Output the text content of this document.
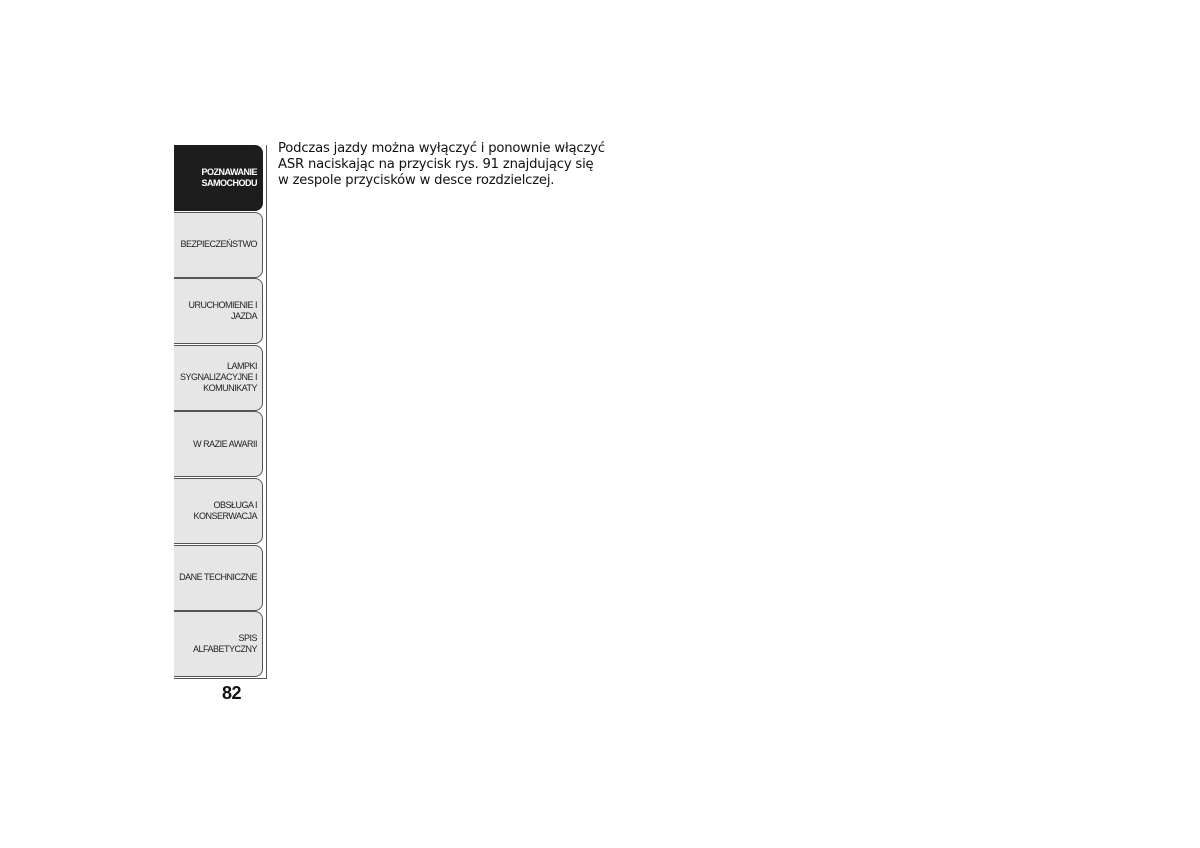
POZNAWANIE
SAMOCHODU
BEZPIECZEŃSTWO
URUCHOMIENIE I
JAZDA
LAMPKI
SYGNALIZACYJNE I
KOMUNIKATY
W RAZIE AWARII
OBSŁUGA I
KONSERWACJA
DANE TECHNICZNE
SPIS ALFABETYCZNY
82
Podczas jazdy można wyłączyć i ponownie włączyć
ASR naciskając na przycisk rys. 91 znajdujący się
w zespole przycisków w desce rozdzielczej.
